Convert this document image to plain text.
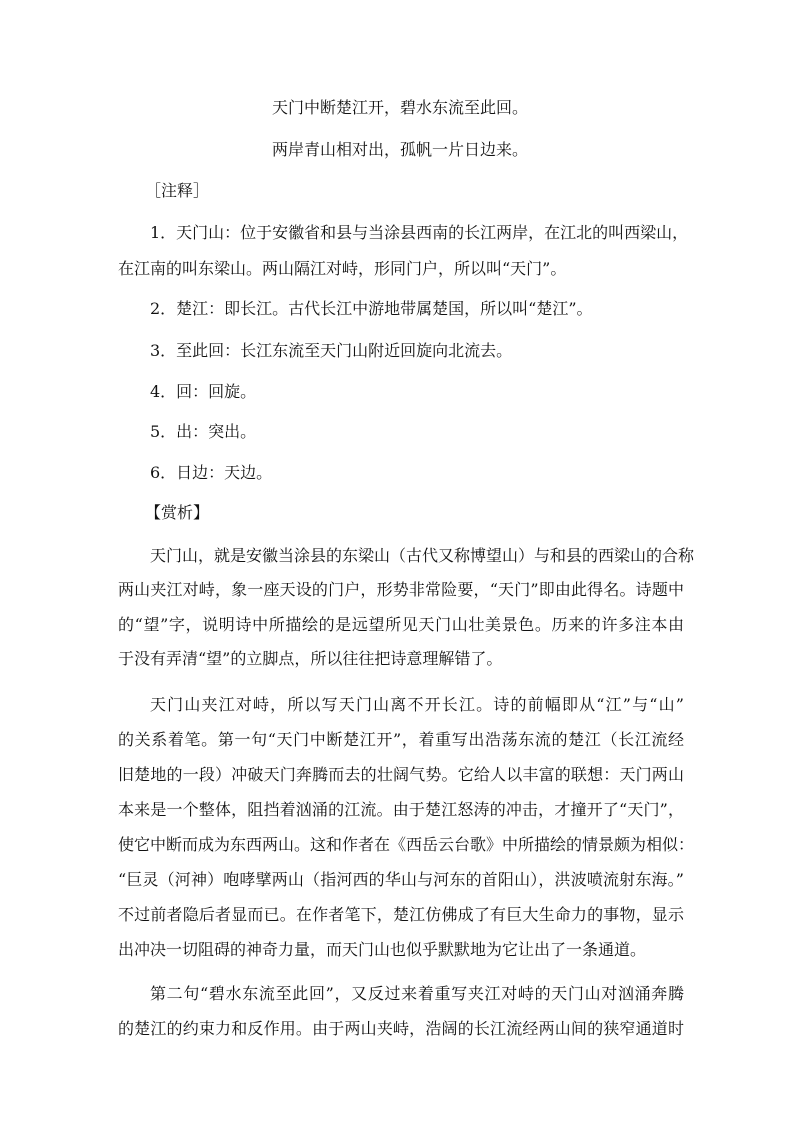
天门中断楚江开，碧水东流至此回。
两岸青山相对出，孤帆一片日边来。
［注释］
1．天门山：位于安徽省和县与当涂县西南的长江两岸，在江北的叫西梁山，
在江南的叫东梁山。两山隔江对峙，形同门户，所以叫“天门”。
2．楚江：即长江。古代长江中游地带属楚国，所以叫“楚江”。
3．至此回：长江东流至天门山附近回旋向北流去。
4．回：回旋。
5．出：突出。
6．日边：天边。
【赏析】
天门山，就是安徽当涂县的东梁山（古代又称博望山）与和县的西梁山的合称
两山夹江对峙，象一座天设的门户，形势非常险要，“天门”即由此得名。诗题中
的“望”字，说明诗中所描绘的是远望所见天门山壮美景色。历来的许多注本由
于没有弄清“望”的立脚点，所以往往把诗意理解错了。
天门山夹江对峙，所以写天门山离不开长江。诗的前幅即从“江”与“山”
的关系着笔。第一句“天门中断楚江开”，着重写出浩荡东流的楚江（长江流经
旧楚地的一段）冲破天门奔腾而去的壮阔气势。它给人以丰富的联想：天门两山
本来是一个整体，阻挡着汹涌的江流。由于楚江怒涛的冲击，才撞开了“天门”，
使它中断而成为东西两山。这和作者在《西岳云台歌》中所描绘的情景颇为相似：
“巨灵（河神）咆哮擘两山（指河西的华山与河东的首阳山），洪波喷流射东海。”
不过前者隐后者显而已。在作者笔下，楚江仿佛成了有巨大生命力的事物，显示
出冲决一切阻碍的神奇力量，而天门山也似乎默默地为它让出了一条通道。
第二句“碧水东流至此回”，又反过来着重写夹江对峙的天门山对汹涌奔腾
的楚江的约束力和反作用。由于两山夹峙，浩阔的长江流经两山间的狭窄通道时
